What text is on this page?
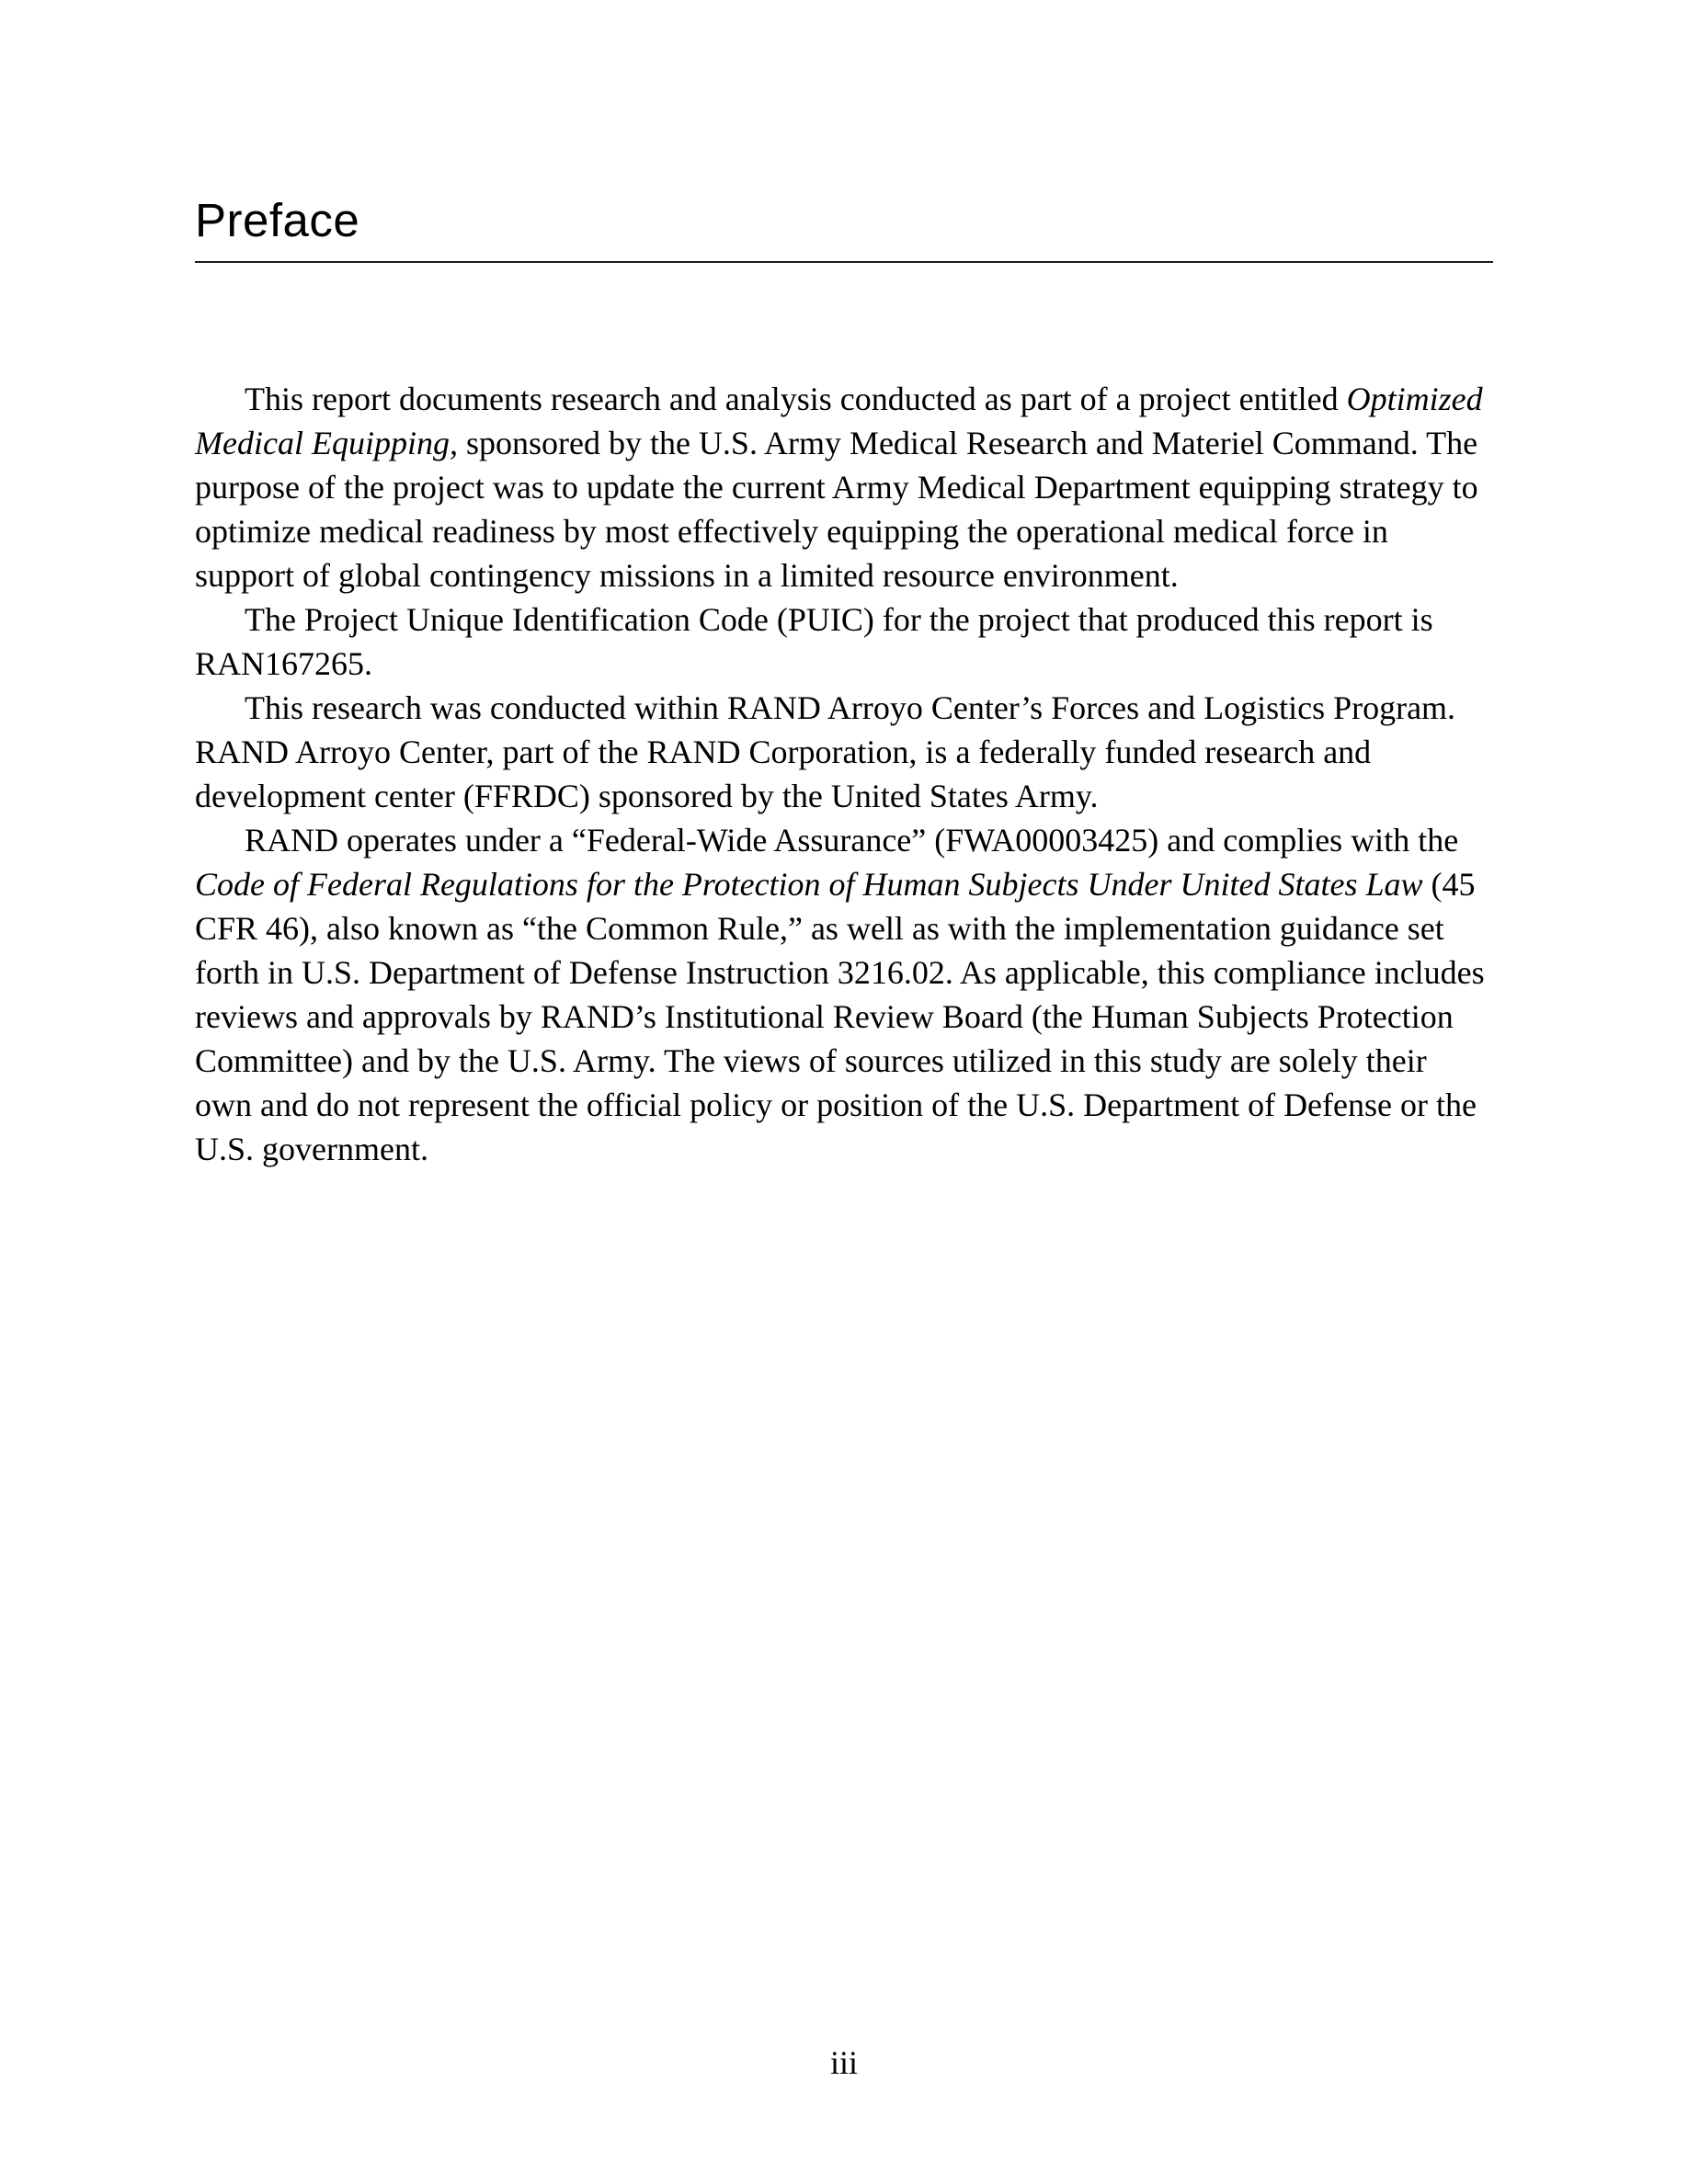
Preface

This report documents research and analysis conducted as part of a project entitled Optimized Medical Equipping, sponsored by the U.S. Army Medical Research and Materiel Command. The purpose of the project was to update the current Army Medical Department equipping strategy to optimize medical readiness by most effectively equipping the operational medical force in support of global contingency missions in a limited resource environment.

The Project Unique Identification Code (PUIC) for the project that produced this report is RAN167265.

This research was conducted within RAND Arroyo Center’s Forces and Logistics Program. RAND Arroyo Center, part of the RAND Corporation, is a federally funded research and development center (FFRDC) sponsored by the United States Army.

RAND operates under a “Federal-Wide Assurance” (FWA00003425) and complies with the Code of Federal Regulations for the Protection of Human Subjects Under United States Law (45 CFR 46), also known as “the Common Rule,” as well as with the implementation guidance set forth in U.S. Department of Defense Instruction 3216.02. As applicable, this compliance includes reviews and approvals by RAND’s Institutional Review Board (the Human Subjects Protection Committee) and by the U.S. Army. The views of sources utilized in this study are solely their own and do not represent the official policy or position of the U.S. Department of Defense or the U.S. government.

iii
